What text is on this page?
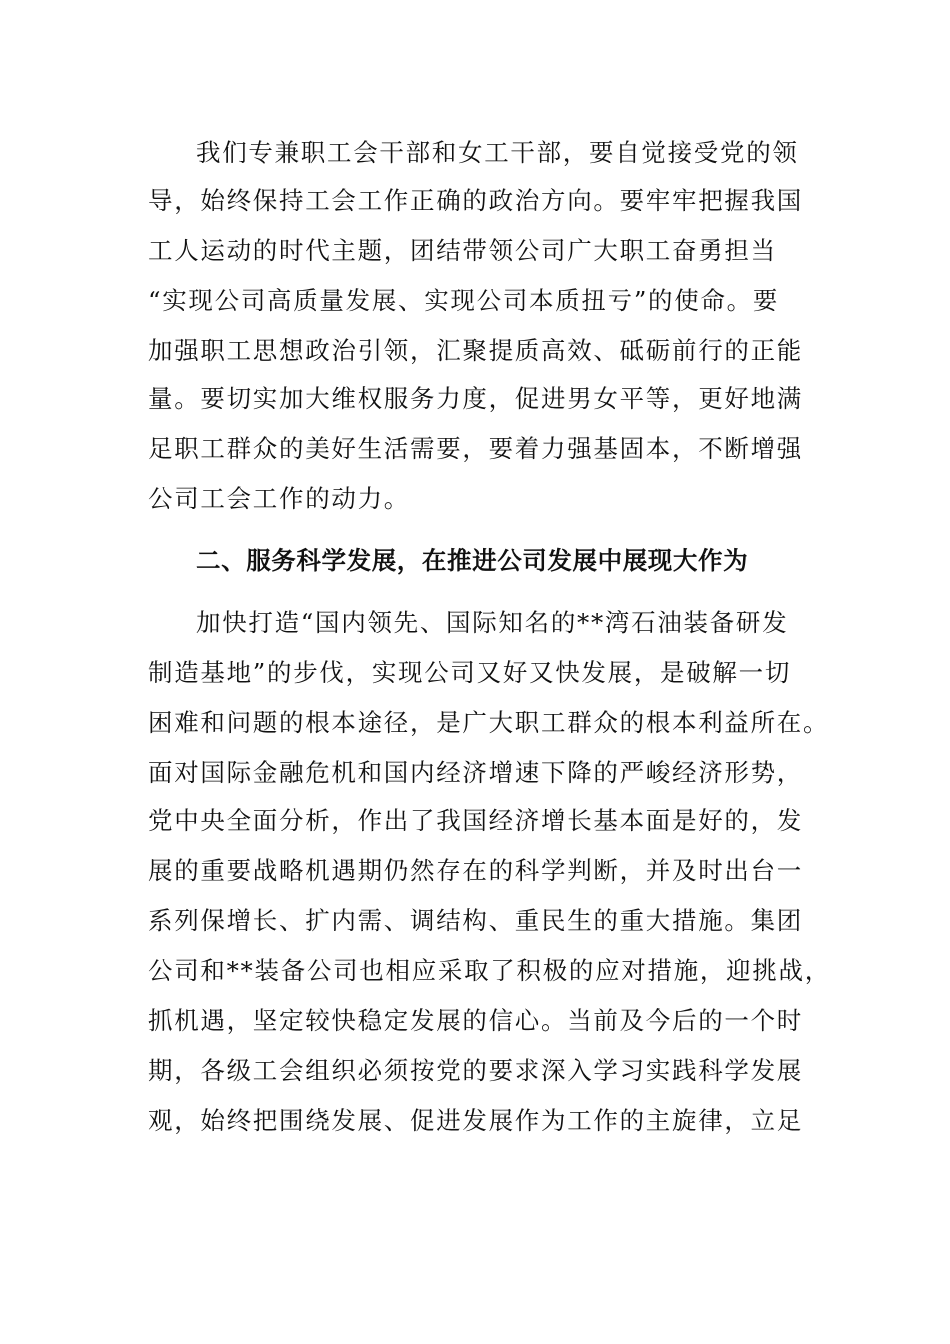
我们专兼职工会干部和女工干部，要自觉接受党的领
导，始终保持工会工作正确的政治方向。要牢牢把握我国
工人运动的时代主题，团结带领公司广大职工奋勇担当
“实现公司高质量发展、实现公司本质扭亏”的使命。要
加强职工思想政治引领，汇聚提质高效、砥砺前行的正能
量。要切实加大维权服务力度，促进男女平等，更好地满
足职工群众的美好生活需要，要着力强基固本，不断增强
公司工会工作的动力。
二、服务科学发展，在推进公司发展中展现大作为
加快打造“国内领先、国际知名的**湾石油装备研发
制造基地”的步伐，实现公司又好又快发展，是破解一切
困难和问题的根本途径，是广大职工群众的根本利益所在。
面对国际金融危机和国内经济增速下降的严峻经济形势，
党中央全面分析，作出了我国经济增长基本面是好的，发
展的重要战略机遇期仍然存在的科学判断，并及时出台一
系列保增长、扩内需、调结构、重民生的重大措施。集团
公司和**装备公司也相应采取了积极的应对措施，迎挑战，
抓机遇，坚定较快稳定发展的信心。当前及今后的一个时
期，各级工会组织必须按党的要求深入学习实践科学发展
观，始终把围绕发展、促进发展作为工作的主旋律，立足
